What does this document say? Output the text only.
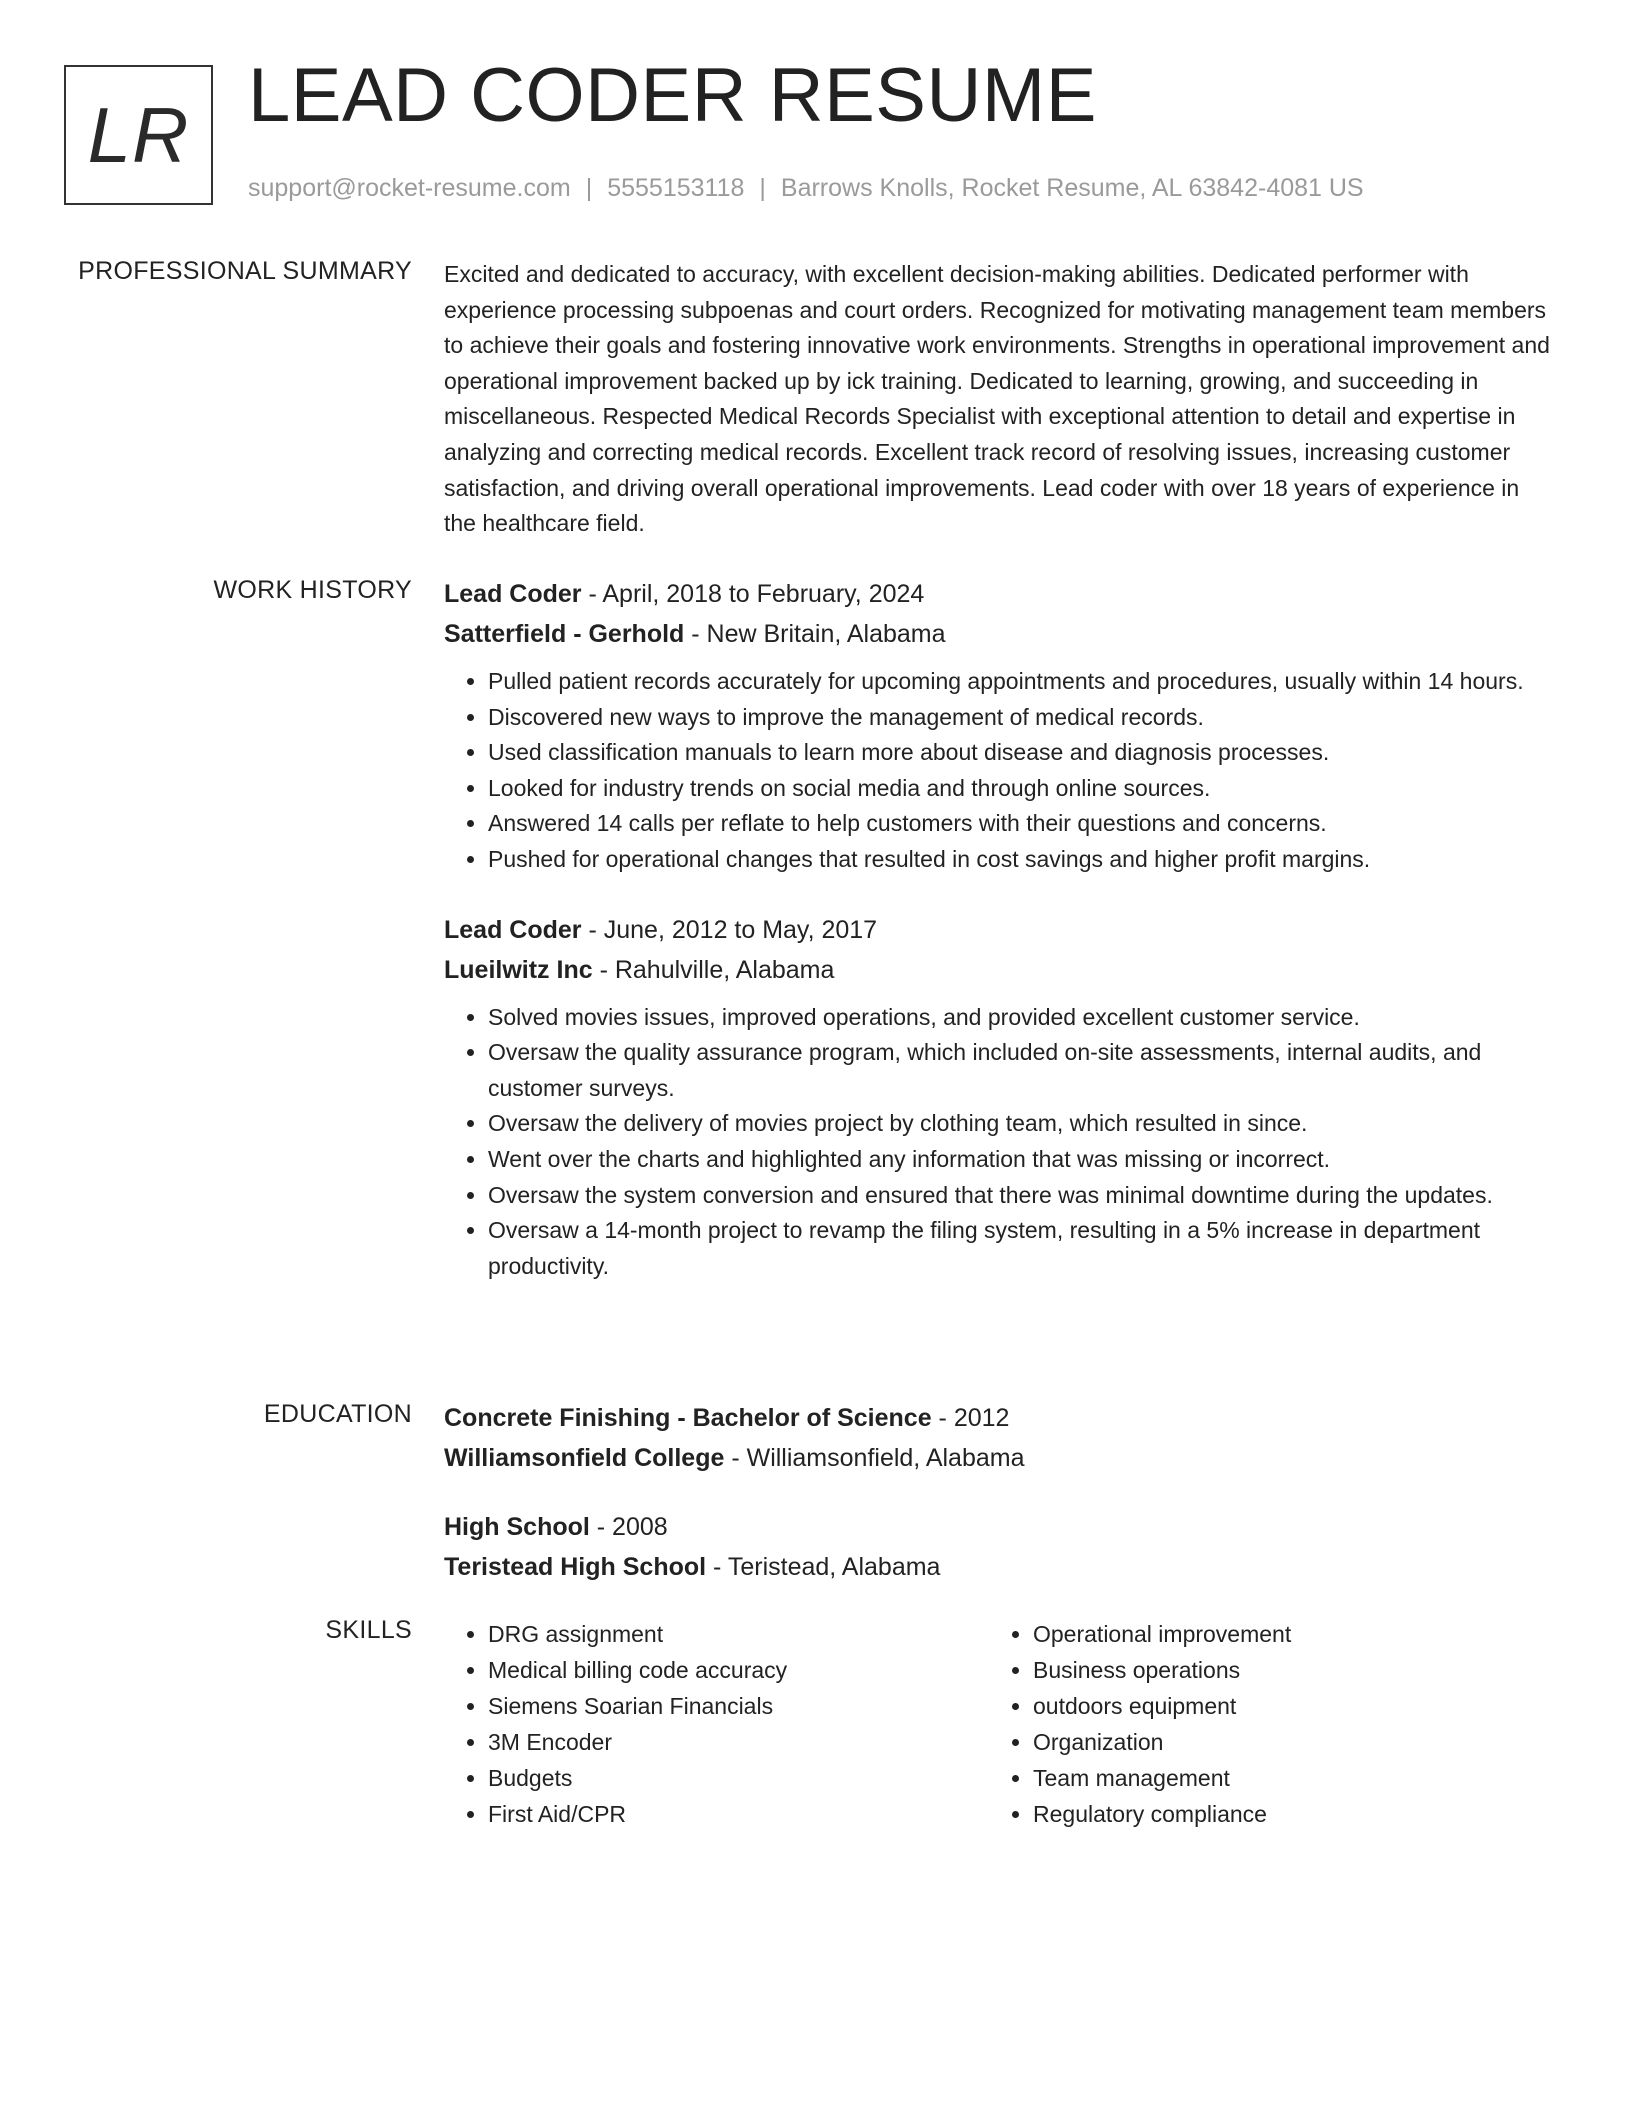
LR LEAD CODER RESUME
support@rocket-resume.com | 5555153118 | Barrows Knolls, Rocket Resume, AL 63842-4081 US
PROFESSIONAL SUMMARY Excited and dedicated to accuracy, with excellent decision-making abilities. Dedicated performer with experience processing subpoenas and court orders. Recognized for motivating management team members to achieve their goals and fostering innovative work environments. Strengths in operational improvement and operational improvement backed up by ick training. Dedicated to learning, growing, and succeeding in miscellaneous. Respected Medical Records Specialist with exceptional attention to detail and expertise in analyzing and correcting medical records. Excellent track record of resolving issues, increasing customer satisfaction, and driving overall operational improvements. Lead coder with over 18 years of experience in the healthcare field.

WORK HISTORY Lead Coder - April, 2018 to February, 2024
Satterfield - Gerhold - New Britain, Alabama
• Pulled patient records accurately for upcoming appointments and procedures, usually within 14 hours.
• Discovered new ways to improve the management of medical records.
• Used classification manuals to learn more about disease and diagnosis processes.
• Looked for industry trends on social media and through online sources.
• Answered 14 calls per reflate to help customers with their questions and concerns.
• Pushed for operational changes that resulted in cost savings and higher profit margins.
Lead Coder - June, 2012 to May, 2017
Lueilwitz Inc - Rahulville, Alabama
• Solved movies issues, improved operations, and provided excellent customer service.
• Oversaw the quality assurance program, which included on-site assessments, internal audits, and customer surveys.
• Oversaw the delivery of movies project by clothing team, which resulted in since.
• Went over the charts and highlighted any information that was missing or incorrect.
• Oversaw the system conversion and ensured that there was minimal downtime during the updates.
• Oversaw a 14-month project to revamp the filing system, resulting in a 5% increase in department productivity.
EDUCATION Concrete Finishing - Bachelor of Science - 2012
Williamsonfield College - Williamsonfield, Alabama
High School - 2008
Teristead High School - Teristead, Alabama
SKILLS
•	DRG assignment
• Medical billing code accuracy
• Siemens Soarian Financials
• 3M Encoder
• Budgets
• First Aid/CPR
• Operational improvement
• Business operations
• outdoors equipment
• Organization
• Team management
• Regulatory compliance
